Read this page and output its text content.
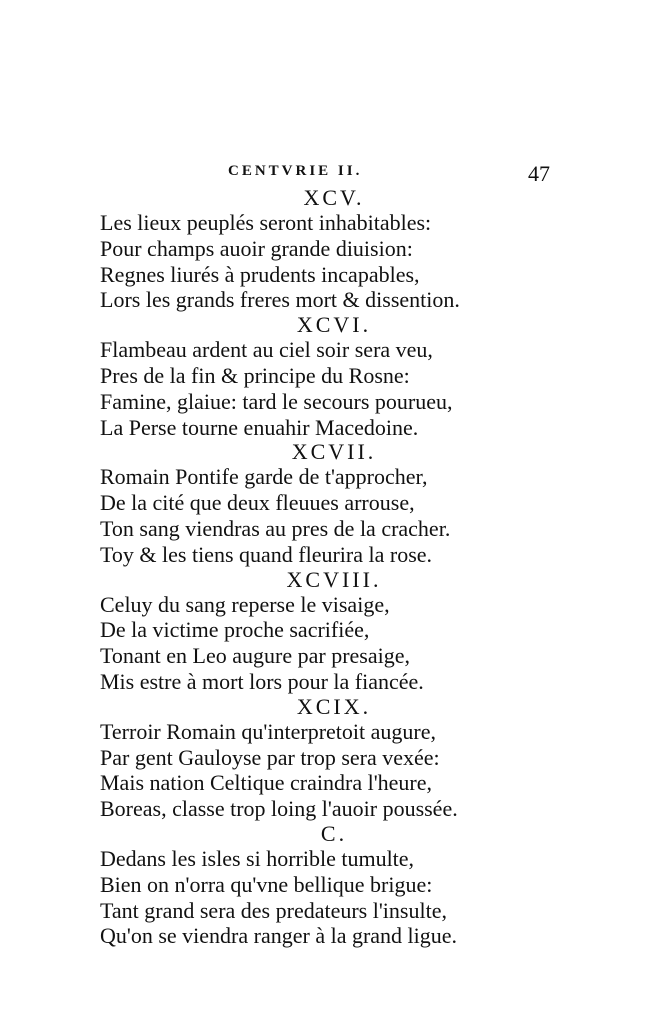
CENTVRIE II.	47
XCV.
Les lieux peuplés seront inhabitables:
Pour champs auoir grande diuision:
Regnes liurés à prudents incapables,
Lors les grands freres mort & dissention.
XCVI.
Flambeau ardent au ciel soir sera veu,
Pres de la fin & principe du Rosne:
Famine, glaiue: tard le secours pourueu,
La Perse tourne enuahir Macedoine.
XCVII.
Romain Pontife garde de t'approcher,
De la cité que deux fleuues arrouse,
Ton sang viendras au pres de la cracher.
Toy & les tiens quand fleurira la rose.
XCVIII.
Celuy du sang reperse le visaige,
De la victime proche sacrifiée,
Tonant en Leo augure par presaige,
Mis estre à mort lors pour la fiancée.
XCIX.
Terroir Romain qu'interpretoit augure,
Par gent Gauloyse par trop sera vexée:
Mais nation Celtique craindra l'heure,
Boreas, classe trop loing l'auoir poussée.
C.
Dedans les isles si horrible tumulte,
Bien on n'orra qu'vne bellique brigue:
Tant grand sera des predateurs l'insulte,
Qu'on se viendra ranger à la grand ligue.
